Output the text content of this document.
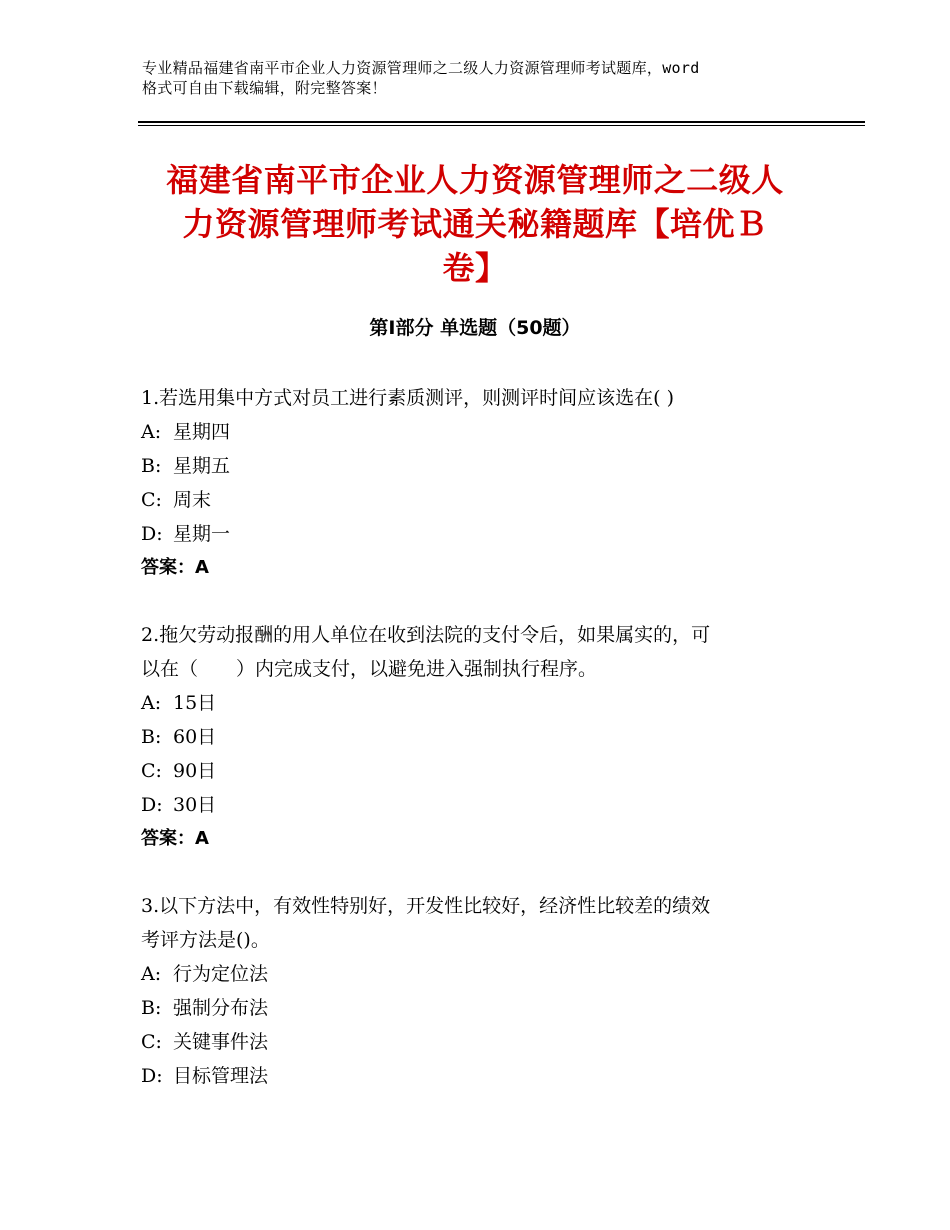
专业精品福建省南平市企业人力资源管理师之二级人力资源管理师考试题库，word
格式可自由下载编辑，附完整答案！
福建省南平市企业人力资源管理师之二级人
力资源管理师考试通关秘籍题库【培优Ｂ
卷】
第Ⅰ部分 单选题（50题）
1.若选用集中方式对员工进行素质测评，则测评时间应该选在( )
A: 星期四
B: 星期五
C: 周末
D: 星期一
答案：A
2.拖欠劳动报酬的用人单位在收到法院的支付令后，如果属实的，可
以在（　　）内完成支付，以避免进入强制执行程序。
A: 15日
B: 60日
C: 90日
D: 30日
答案：A
3.以下方法中，有效性特别好，开发性比较好，经济性比较差的绩效
考评方法是()。
A: 行为定位法
B: 强制分布法
C: 关键事件法
D: 目标管理法
